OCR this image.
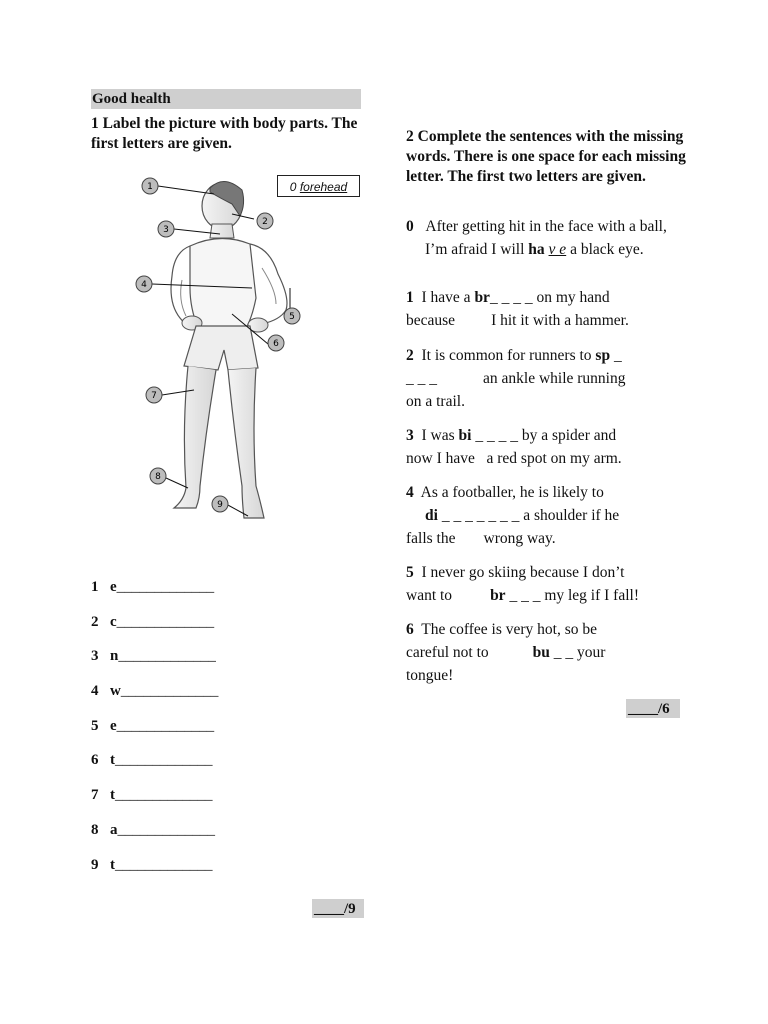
Good health
1 Label the picture with body parts. The first letters are given.
1
2
3
4
5
6
7
8
9
0 forehead
1 e_____________
2 c_____________
3 n_____________
4 w_____________
5 e_____________
6 t_____________
7 t_____________
8 a_____________
9 t_____________
____/9
2 Complete the sentences with the missing words. There is one space for each missing letter. The first two letters are given.
0 After getting hit in the face with a ball, I’m afraid I will ha v e a black eye.
1 I have a br_ _ _ _ on my hand
because I hit it with a hammer.
2 It is common for runners to sp _
_ _ _	an ankle while running
on a trail.
3 I was bi _ _ _ _ by a spider and
now I have a red spot on my arm.
4 As a footballer, he is likely to
di _ _ _ _ _ _ _ a shoulder if he
falls the wrong way.
5 I never go skiing because I don’t
want to br _ _ _ my leg if I fall!
6 The coffee is very hot, so be
careful not to	bu _ _ your
tongue!
____/6
